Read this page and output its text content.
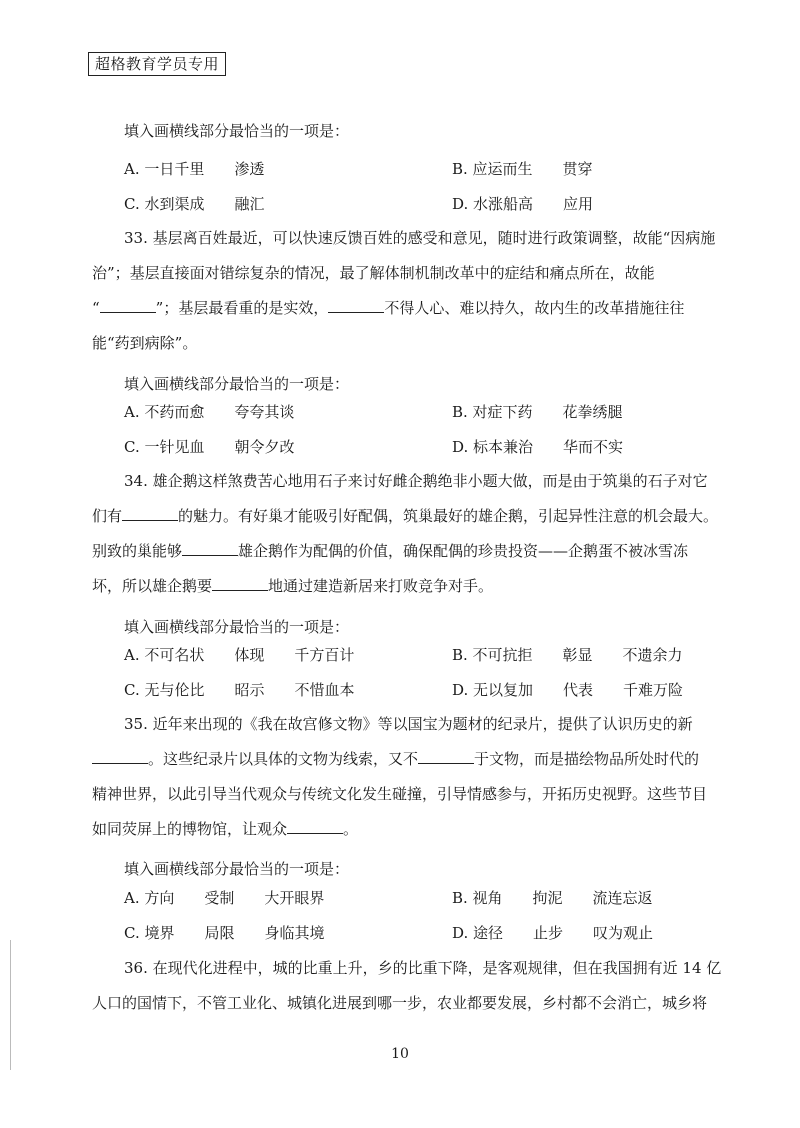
超格教育学员专用
填入画横线部分最恰当的一项是：
A. 一日千里　　渗透	B. 应运而生　　贯穿
C. 水到渠成　　融汇	D. 水涨船高　　应用
33. 基层离百姓最近，可以快速反馈百姓的感受和意见，随时进行政策调整，故能“因病施
治”；基层直接面对错综复杂的情况，最了解体制机制改革中的症结和痛点所在，故能
“	”；基层最看重的是实效，	不得人心、难以持久，故内生的改革措施往往
能“药到病除”。
填入画横线部分最恰当的一项是：
A. 不药而愈　　夸夸其谈	B. 对症下药　　花拳绣腿
C. 一针见血　　朝令夕改	D. 标本兼治　　华而不实
34. 雄企鹅这样煞费苦心地用石子来讨好雌企鹅绝非小题大做，而是由于筑巢的石子对它
们有	的魅力。有好巢才能吸引好配偶，筑巢最好的雄企鹅，引起异性注意的机会最大。
别致的巢能够	雄企鹅作为配偶的价值，确保配偶的珍贵投资——企鹅蛋不被冰雪冻
坏，所以雄企鹅要	地通过建造新居来打败竞争对手。
填入画横线部分最恰当的一项是：
A. 不可名状　　体现　　千方百计	B. 不可抗拒　　彰显　　不遗余力
C. 无与伦比　　昭示　　不惜血本	D. 无以复加　　代表　　千难万险
35. 近年来出现的《我在故宫修文物》等以国宝为题材的纪录片，提供了认识历史的新
。这些纪录片以具体的文物为线索，又不	于文物，而是描绘物品所处时代的
精神世界，以此引导当代观众与传统文化发生碰撞，引导情感参与，开拓历史视野。这些节目
如同荧屏上的博物馆，让观众	。
填入画横线部分最恰当的一项是：
A. 方向　　受制　　大开眼界	B. 视角　　拘泥　　流连忘返
C. 境界　　局限　　身临其境	D. 途径　　止步　　叹为观止
36. 在现代化进程中，城的比重上升，乡的比重下降，是客观规律，但在我国拥有近 14 亿
人口的国情下，不管工业化、城镇化进展到哪一步，农业都要发展，乡村都不会消亡，城乡将
10
